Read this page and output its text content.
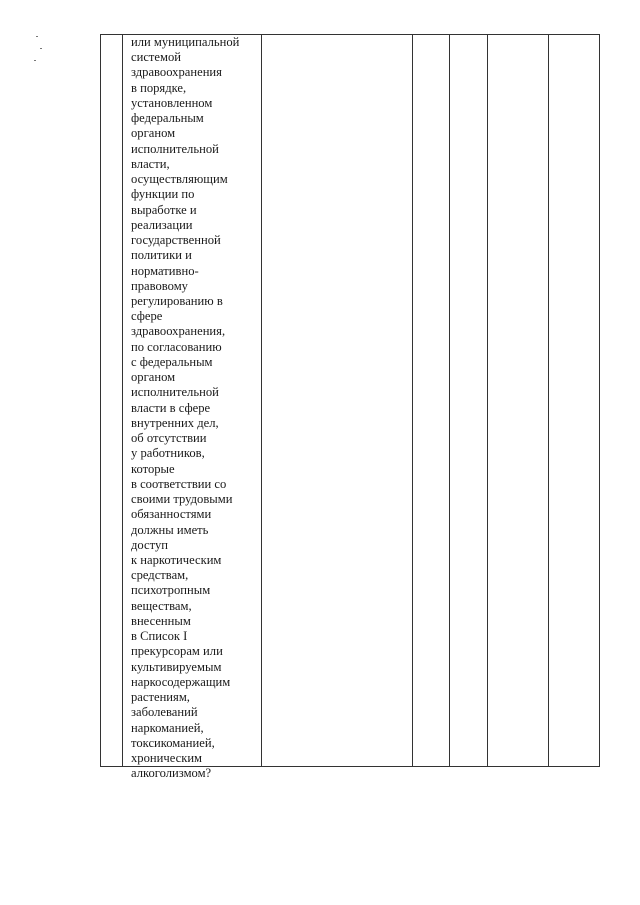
или муниципальной
системой
здравоохранения
в порядке,
установленном
федеральным
органом
исполнительной
власти,
осуществляющим
функции по
выработке и
реализации
государственной
политики и
нормативно-
правовому
регулированию в
сфере
здравоохранения,
по согласованию
с федеральным
органом
исполнительной
власти в сфере
внутренних дел,
об отсутствии
у работников,
которые
в соответствии со
своими трудовыми
обязанностями
должны иметь
доступ
к наркотическим
средствам,
психотропным
веществам,
внесенным
в Список I
прекурсорам или
культивируемым
наркосодержащим
растениям,
заболеваний
наркоманией,
токсикоманией,
хроническим
алкоголизмом?
